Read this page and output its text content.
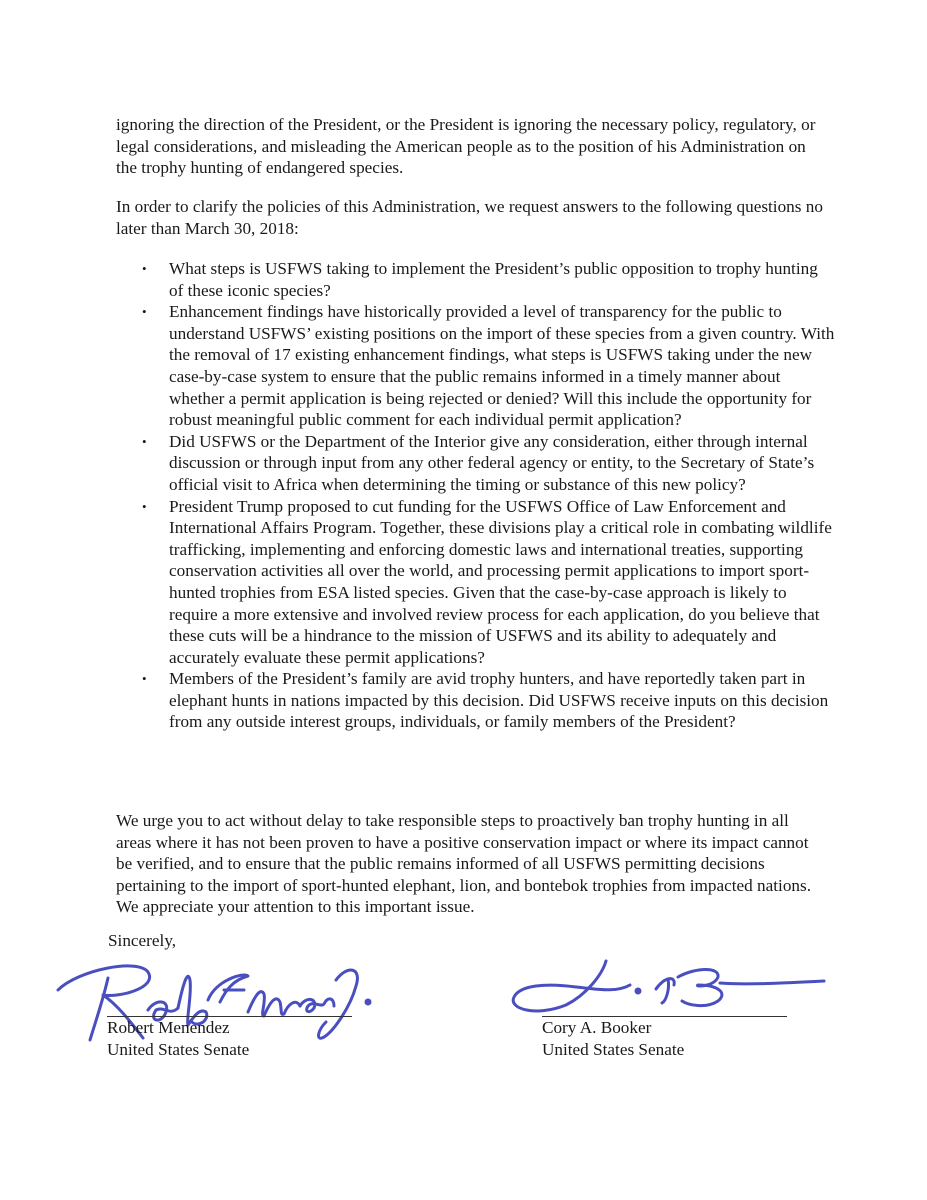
ignoring the direction of the President, or the President is ignoring the necessary policy, regulatory, or legal considerations, and misleading the American people as to the position of his Administration on the trophy hunting of endangered species.

In order to clarify the policies of this Administration, we request answers to the following questions no later than March 30, 2018:

• What steps is USFWS taking to implement the President’s public opposition to trophy hunting of these iconic species?
• Enhancement findings have historically provided a level of transparency for the public to understand USFWS’ existing positions on the import of these species from a given country. With the removal of 17 existing enhancement findings, what steps is USFWS taking under the new case-by-case system to ensure that the public remains informed in a timely manner about whether a permit application is being rejected or denied? Will this include the opportunity for robust meaningful public comment for each individual permit application?
• Did USFWS or the Department of the Interior give any consideration, either through internal discussion or through input from any other federal agency or entity, to the Secretary of State’s official visit to Africa when determining the timing or substance of this new policy?
• President Trump proposed to cut funding for the USFWS Office of Law Enforcement and International Affairs Program. Together, these divisions play a critical role in combating wildlife trafficking, implementing and enforcing domestic laws and international treaties, supporting conservation activities all over the world, and processing permit applications to import sport-hunted trophies from ESA listed species. Given that the case-by-case approach is likely to require a more extensive and involved review process for each application, do you believe that these cuts will be a hindrance to the mission of USFWS and its ability to adequately and accurately evaluate these permit applications?
• Members of the President’s family are avid trophy hunters, and have reportedly taken part in elephant hunts in nations impacted by this decision. Did USFWS receive inputs on this decision from any outside interest groups, individuals, or family members of the President?

We urge you to act without delay to take responsible steps to proactively ban trophy hunting in all areas where it has not been proven to have a positive conservation impact or where its impact cannot be verified, and to ensure that the public remains informed of all USFWS permitting decisions pertaining to the import of sport-hunted elephant, lion, and bontebok trophies from impacted nations. We appreciate your attention to this important issue.

Sincerely,

Robert Menendez
United States Senate
Cory A. Booker
United States Senate
